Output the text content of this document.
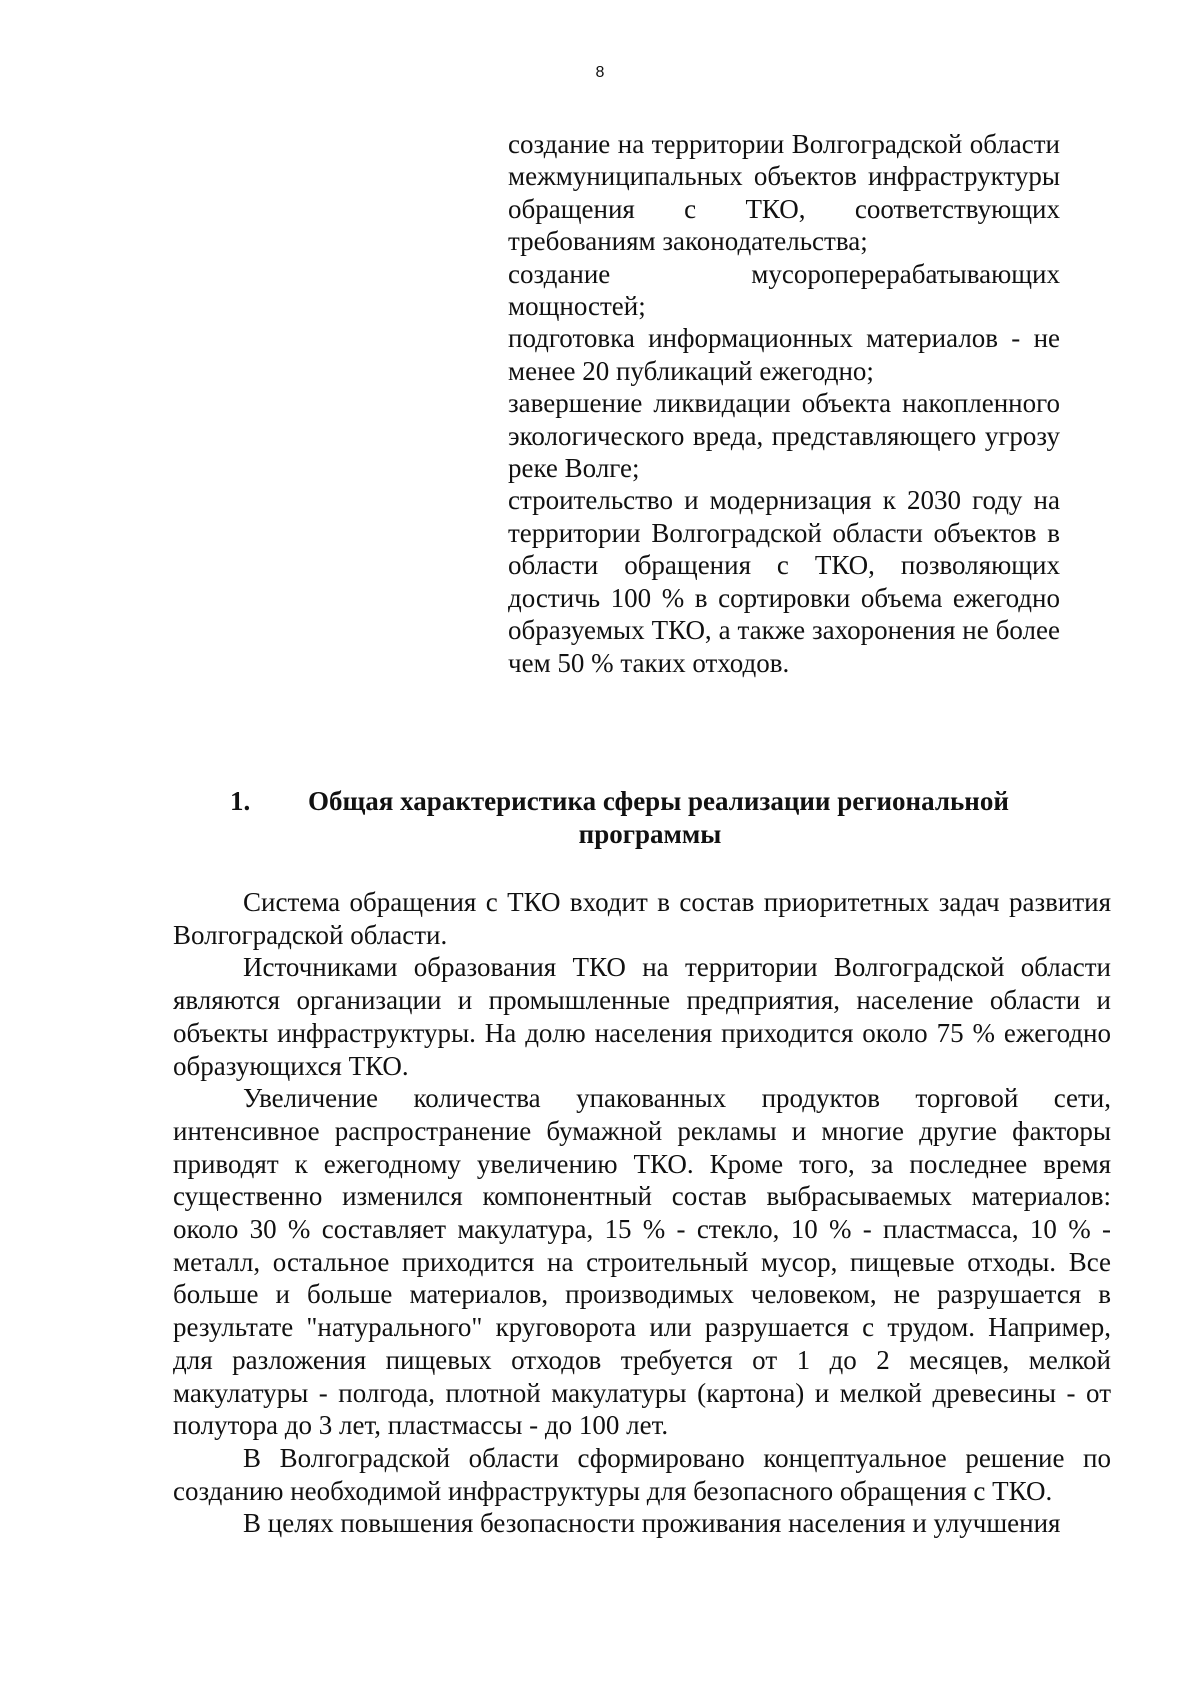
8

создание на территории Волгоградской области межмуниципальных объектов инфраструктуры обращения с ТКО, соответствующих требованиям законодательства;

создание мусороперерабатывающих мощностей;

подготовка информационных материалов - не менее 20 публикаций ежегодно;

завершение ликвидации объекта накопленного экологического вреда, представляющего угрозу реке Волге;

строительство и модернизация к 2030 году на территории Волгоградской области объектов в области обращения с ТКО, позволяющих достичь 100 % в сортировки объема ежегодно образуемых ТКО, а также захоронения не более чем 50 % таких отходов.

1.	Общая характеристика сферы реализации региональной
программы

Система обращения с ТКО входит в состав приоритетных задач развития Волгоградской области.

Источниками образования ТКО на территории Волгоградской области являются организации и промышленные предприятия, население области и объекты инфраструктуры. На долю населения приходится около 75 % ежегодно образующихся ТКО.

Увеличение количества упакованных продуктов торговой сети, интенсивное распространение бумажной рекламы и многие другие факторы приводят к ежегодному увеличению ТКО. Кроме того, за последнее время существенно изменился компонентный состав выбрасываемых материалов: около 30 % составляет макулатура, 15 % - стекло, 10 % - пластмасса, 10 % - металл, остальное приходится на строительный мусор, пищевые отходы. Все больше и больше материалов, производимых человеком, не разрушается в результате "натурального" круговорота или разрушается с трудом. Например, для разложения пищевых отходов требуется от 1 до 2 месяцев, мелкой макулатуры - полгода, плотной макулатуры (картона) и мелкой древесины - от полутора до 3 лет, пластмассы - до 100 лет.

В Волгоградской области сформировано концептуальное решение по созданию необходимой инфраструктуры для безопасного обращения с ТКО.

В целях повышения безопасности проживания населения и улучшения
